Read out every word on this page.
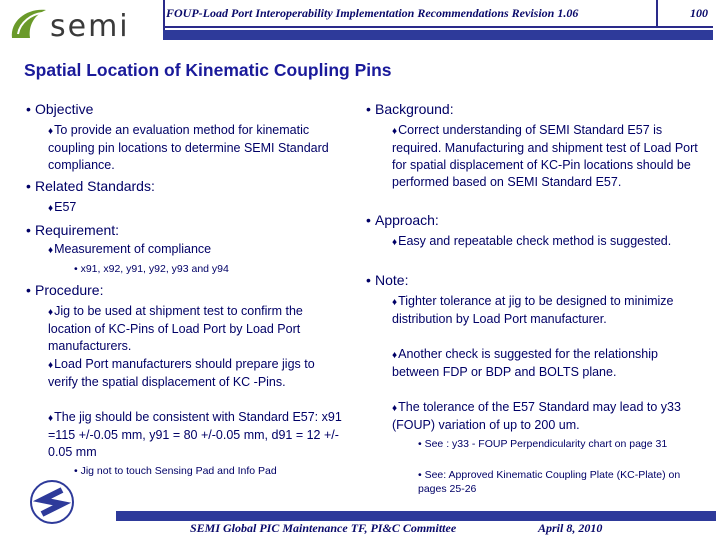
semi	FOUP-Load Port Interoperability Implementation Recommendations Revision 1.06	100
Spatial Location of Kinematic Coupling Pins
• Objective
♦To provide an evaluation method for kinematic coupling pin locations to determine SEMI Standard compliance.
• Related Standards:
♦E57
• Requirement:
♦Measurement of compliance
• x91, x92, y91, y92, y93 and y94
• Procedure:
♦Jig to be used at shipment test to confirm the location of KC-Pins of Load Port by Load Port manufacturers.
♦Load Port manufacturers should prepare jigs to verify the spatial displacement of KC -Pins.
♦The jig should be consistent with Standard E57: x91 =115 +/-0.05 mm, y91 = 80 +/-0.05 mm, d91 = 12 +/- 0.05 mm
• Jig not to touch Sensing Pad and Info Pad
• Background:
♦Correct understanding of SEMI Standard E57 is required. Manufacturing and shipment test of Load Port for spatial displacement of KC-Pin locations should be performed based on SEMI Standard E57.
• Approach:
♦Easy and repeatable check method is suggested.
• Note:
♦Tighter tolerance at jig to be designed to minimize distribution by Load Port manufacturer.
♦Another check is suggested for the relationship between FDP or BDP and BOLTS plane.
♦The tolerance of the E57 Standard may lead to y33 (FOUP) variation of up to 200 um.
• See : y33 - FOUP Perpendicularity chart on page 31
• See: Approved Kinematic Coupling Plate (KC-Plate) on pages 25-26
SEMI Global PIC Maintenance TF, PI&C Committee	April 8, 2010
